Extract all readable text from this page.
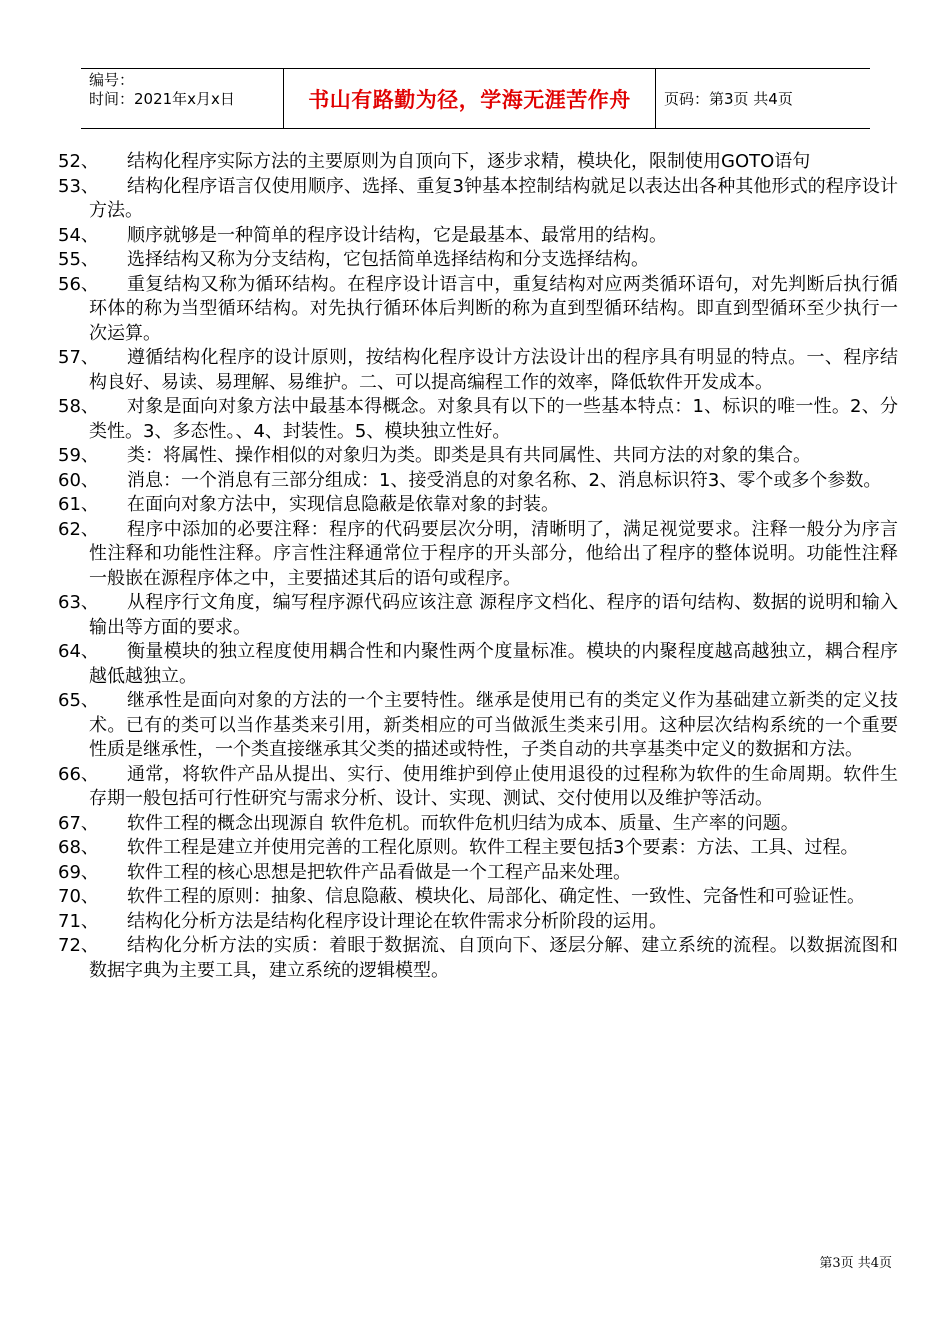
编号：
时间：2021年x月x日	书山有路勤为径，学海无涯苦作舟	页码：第3页 共4页
52、	结构化程序实际方法的主要原则为自顶向下，逐步求精，模块化，限制使用GOTO语句
53、	结构化程序语言仅使用顺序、选择、重复3钟基本控制结构就足以表达出各种其他形式的程序设计方法。
54、	顺序就够是一种简单的程序设计结构，它是最基本、最常用的结构。
55、	选择结构又称为分支结构，它包括简单选择结构和分支选择结构。
56、	重复结构又称为循环结构。在程序设计语言中，重复结构对应两类循环语句，对先判断后执行循环体的称为当型循环结构。对先执行循环体后判断的称为直到型循环结构。即直到型循环至少执行一次运算。
57、	遵循结构化程序的设计原则，按结构化程序设计方法设计出的程序具有明显的特点。一、程序结构良好、易读、易理解、易维护。二、可以提高编程工作的效率，降低软件开发成本。
58、	对象是面向对象方法中最基本得概念。对象具有以下的一些基本特点：1、标识的唯一性。2、分类性。3、多态性。、4、封装性。5、模块独立性好。
59、	类：将属性、操作相似的对象归为类。即类是具有共同属性、共同方法的对象的集合。
60、	消息：一个消息有三部分组成：1、接受消息的对象名称、2、消息标识符3、零个或多个参数。
61、	在面向对象方法中，实现信息隐蔽是依靠对象的封装。
62、	程序中添加的必要注释：程序的代码要层次分明，清晰明了，满足视觉要求。注释一般分为序言性注释和功能性注释。序言性注释通常位于程序的开头部分，他给出了程序的整体说明。功能性注释一般嵌在源程序体之中，主要描述其后的语句或程序。
63、	从程序行文角度，编写程序源代码应该注意 源程序文档化、程序的语句结构、数据的说明和输入输出等方面的要求。
64、	衡量模块的独立程度使用耦合性和内聚性两个度量标准。模块的内聚程度越高越独立，耦合程序越低越独立。
65、	继承性是面向对象的方法的一个主要特性。继承是使用已有的类定义作为基础建立新类的定义技术。已有的类可以当作基类来引用，新类相应的可当做派生类来引用。这种层次结构系统的一个重要性质是继承性，一个类直接继承其父类的描述或特性，子类自动的共享基类中定义的数据和方法。
66、	通常，将软件产品从提出、实行、使用维护到停止使用退役的过程称为软件的生命周期。软件生存期一般包括可行性研究与需求分析、设计、实现、测试、交付使用以及维护等活动。
67、	软件工程的概念出现源自 软件危机。而软件危机归结为成本、质量、生产率的问题。
68、	软件工程是建立并使用完善的工程化原则。软件工程主要包括3个要素：方法、工具、过程。
69、	软件工程的核心思想是把软件产品看做是一个工程产品来处理。
70、	软件工程的原则：抽象、信息隐蔽、模块化、局部化、确定性、一致性、完备性和可验证性。
71、	结构化分析方法是结构化程序设计理论在软件需求分析阶段的运用。
72、	结构化分析方法的实质：着眼于数据流、自顶向下、逐层分解、建立系统的流程。以数据流图和数据字典为主要工具，建立系统的逻辑模型。
第3页 共4页
